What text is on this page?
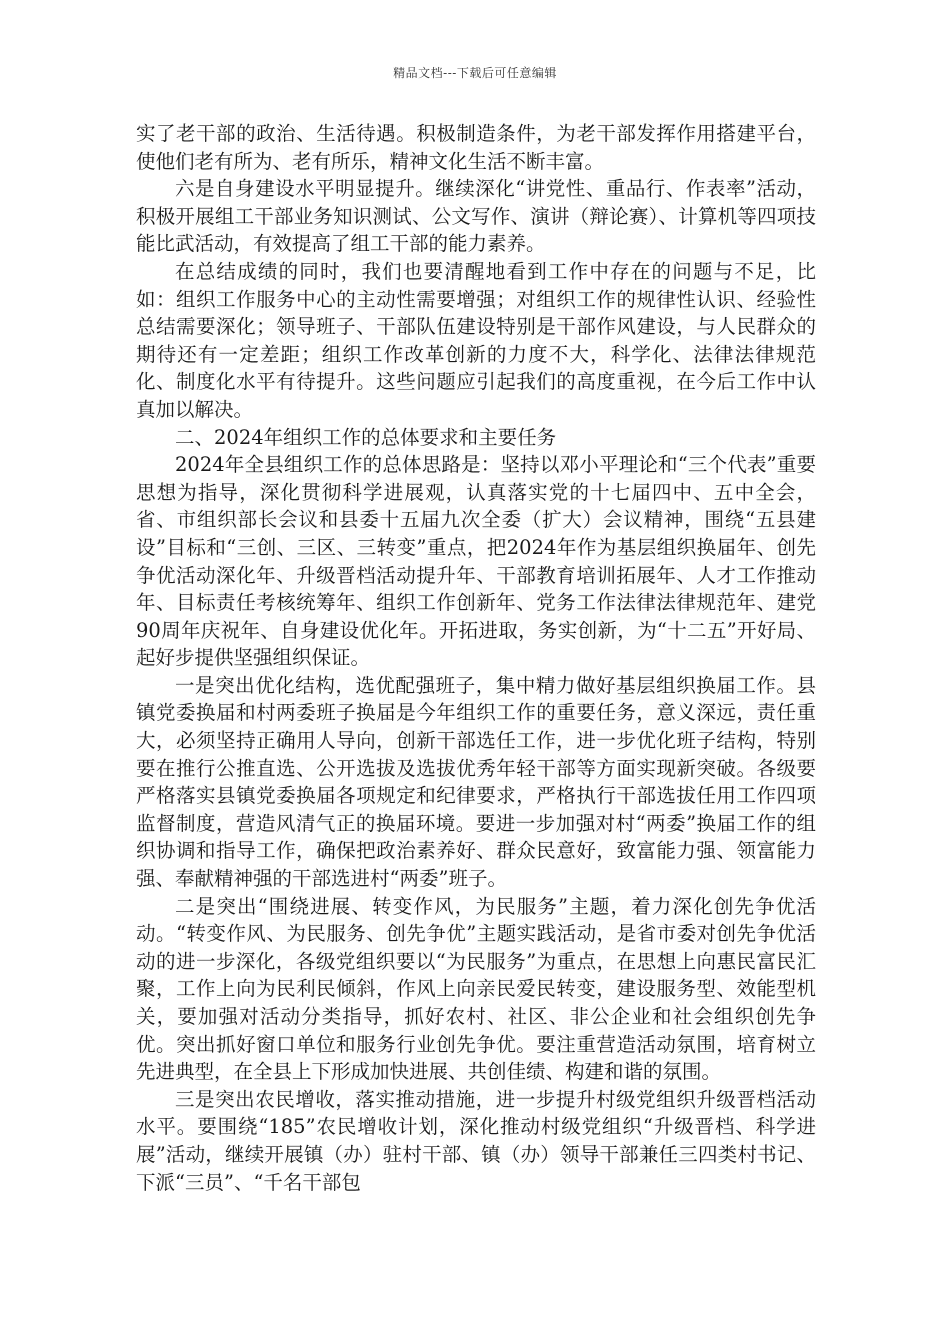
精品文档---下载后可任意编辑

实了老干部的政治、生活待遇。积极制造条件，为老干部发挥作用搭建平台，使他们老有所为、老有所乐，精神文化生活不断丰富。

六是自身建设水平明显提升。继续深化“讲党性、重品行、作表率”活动，积极开展组工干部业务知识测试、公文写作、演讲（辩论赛）、计算机等四项技能比武活动，有效提高了组工干部的能力素养。

在总结成绩的同时，我们也要清醒地看到工作中存在的问题与不足，比如：组织工作服务中心的主动性需要增强；对组织工作的规律性认识、经验性总结需要深化；领导班子、干部队伍建设特别是干部作风建设，与人民群众的期待还有一定差距；组织工作改革创新的力度不大，科学化、法律法律规范化、制度化水平有待提升。这些问题应引起我们的高度重视，在今后工作中认真加以解决。

二、2024年组织工作的总体要求和主要任务

2024年全县组织工作的总体思路是：坚持以邓小平理论和“三个代表”重要思想为指导，深化贯彻科学进展观，认真落实党的十七届四中、五中全会，省、市组织部长会议和县委十五届九次全委（扩大）会议精神，围绕“五县建设”目标和“三创、三区、三转变”重点，把2024年作为基层组织换届年、创先争优活动深化年、升级晋档活动提升年、干部教育培训拓展年、人才工作推动年、目标责任考核统筹年、组织工作创新年、党务工作法律法律规范年、建党90周年庆祝年、自身建设优化年。开拓进取，务实创新，为“十二五”开好局、起好步提供坚强组织保证。

一是突出优化结构，选优配强班子，集中精力做好基层组织换届工作。县镇党委换届和村两委班子换届是今年组织工作的重要任务，意义深远，责任重大，必须坚持正确用人导向，创新干部选任工作，进一步优化班子结构，特别要在推行公推直选、公开选拔及选拔优秀年轻干部等方面实现新突破。各级要严格落实县镇党委换届各项规定和纪律要求，严格执行干部选拔任用工作四项监督制度，营造风清气正的换届环境。要进一步加强对村“两委”换届工作的组织协调和指导工作，确保把政治素养好、群众民意好，致富能力强、领富能力强、奉献精神强的干部选进村“两委”班子。

二是突出“围绕进展、转变作风，为民服务”主题，着力深化创先争优活动。“转变作风、为民服务、创先争优”主题实践活动，是省市委对创先争优活动的进一步深化，各级党组织要以“为民服务”为重点，在思想上向惠民富民汇聚，工作上向为民利民倾斜，作风上向亲民爱民转变，建设服务型、效能型机关，要加强对活动分类指导，抓好农村、社区、非公企业和社会组织创先争优。突出抓好窗口单位和服务行业创先争优。要注重营造活动氛围，培育树立先进典型，在全县上下形成加快进展、共创佳绩、构建和谐的氛围。

三是突出农民增收，落实推动措施，进一步提升村级党组织升级晋档活动水平。要围绕“185”农民增收计划，深化推动村级党组织“升级晋档、科学进展”活动，继续开展镇（办）驻村干部、镇（办）领导干部兼任三四类村书记、下派“三员”、“千名干部包
